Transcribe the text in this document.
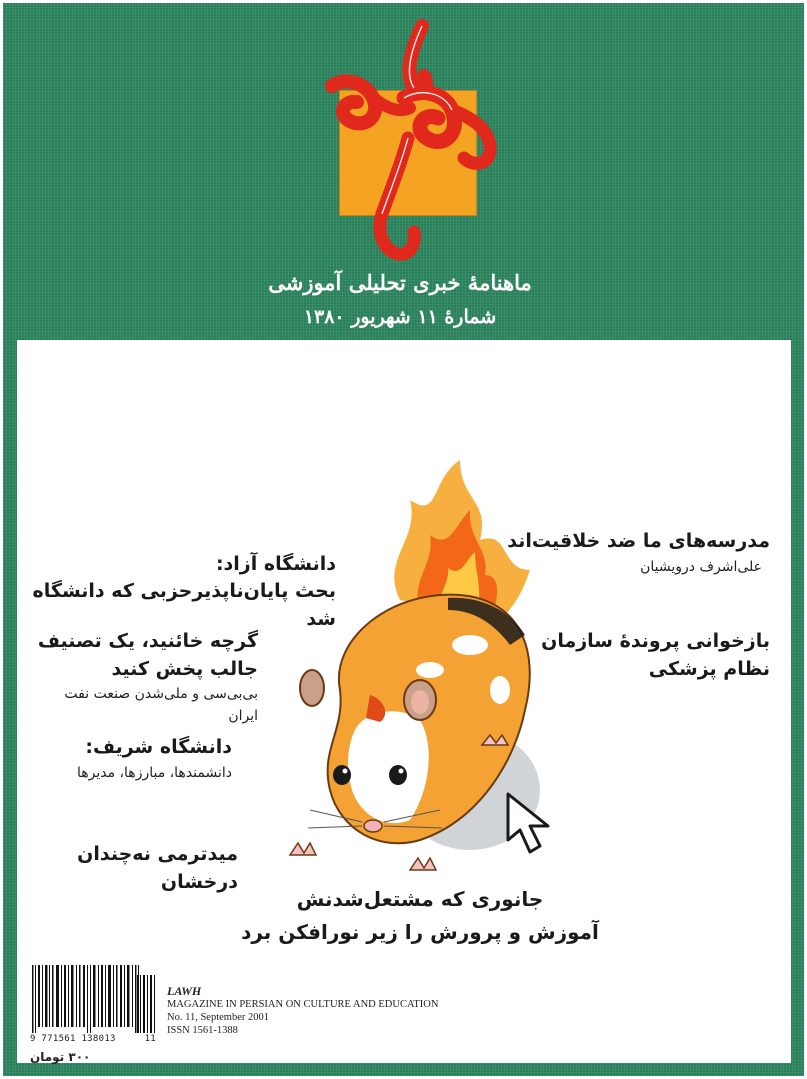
ماهنامهٔ خبری تحلیلی آموزشی
شمارهٔ ۱۱ شهریور ۱۳۸۰
مدرسه‌های ما ضد خلاقیت‌اند
علی‌اشرف درویشیان
بازخوانی پروندهٔ سازمان
نظام پزشکی
دانشگاه آزاد:
بحث پایان‌ناپذیرحزبی که دانشگاه شد
گرچه خائنید، یک تصنیف
جالب پخش کنید
بی‌بی‌سی و ملی‌شدن صنعت نفت ایران
دانشگاه شریف:
دانشمندها، مبارزها، مدیرها
میدترمی نه‌چندان درخشان
جانوری که مشتعل‌شدنش
آموزش و پرورش را زیر نورافکن برد
9 771561 138013	11
۳۰۰ تومان
LAWH
MAGAZINE IN PERSIAN ON CULTURE AND EDUCATION
No. 11, September 2001
ISSN 1561-1388
